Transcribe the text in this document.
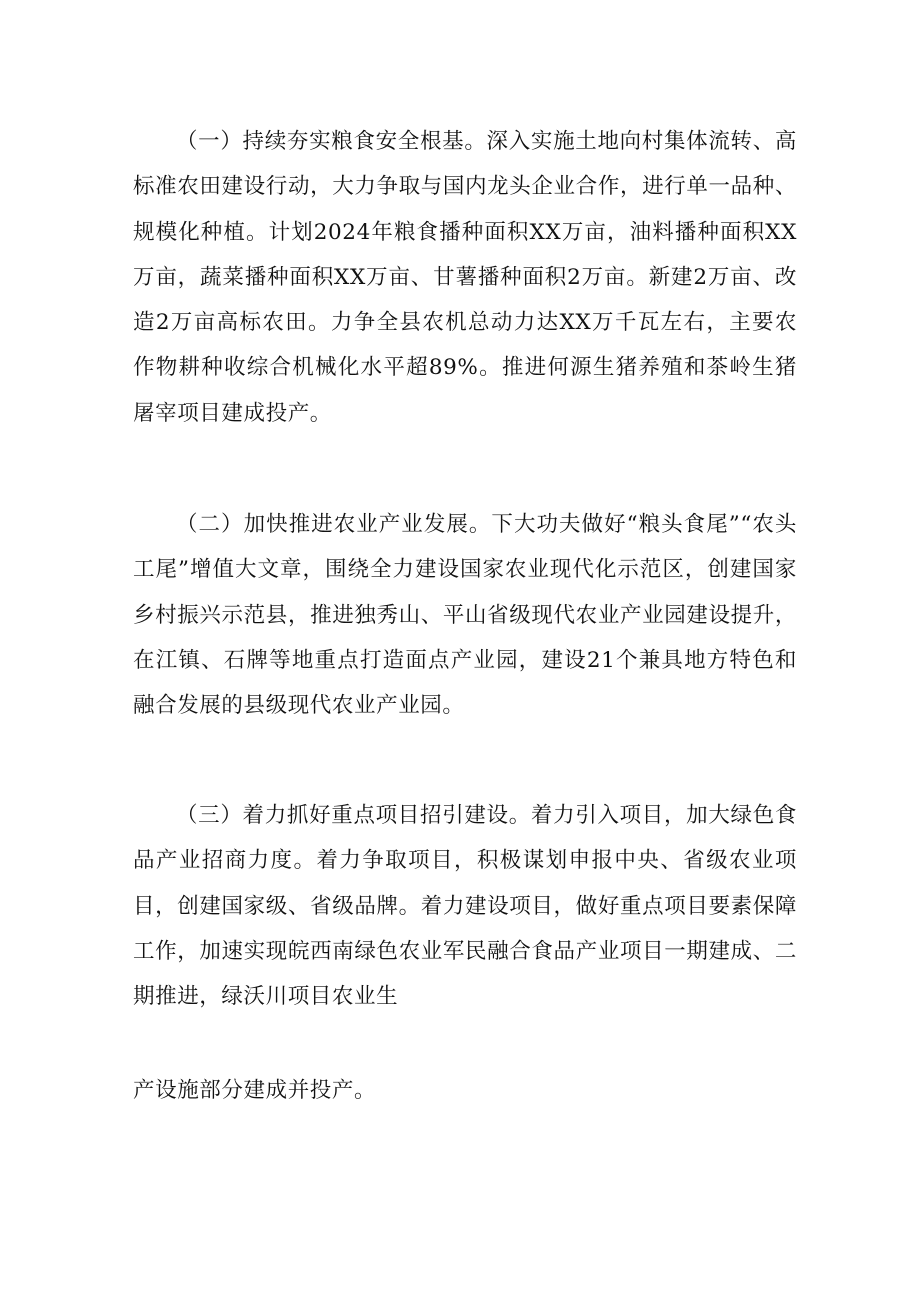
（一）持续夯实粮食安全根基。深入实施土地向村集体流转、高标准农田建设行动，大力争取与国内龙头企业合作，进行单一品种、规模化种植。计划2024年粮食播种面积XX万亩，油料播种面积XX万亩，蔬菜播种面积XX万亩、甘薯播种面积2万亩。新建2万亩、改造2万亩高标农田。力争全县农机总动力达XX万千瓦左右，主要农作物耕种收综合机械化水平超89%。推进何源生猪养殖和茶岭生猪屠宰项目建成投产。

（二）加快推进农业产业发展。下大功夫做好“粮头食尾”“农头工尾”增值大文章，围绕全力建设国家农业现代化示范区，创建国家乡村振兴示范县，推进独秀山、平山省级现代农业产业园建设提升，在江镇、石牌等地重点打造面点产业园，建设21个兼具地方特色和融合发展的县级现代农业产业园。

（三）着力抓好重点项目招引建设。着力引入项目，加大绿色食品产业招商力度。着力争取项目，积极谋划申报中央、省级农业项目，创建国家级、省级品牌。着力建设项目，做好重点项目要素保障工作，加速实现皖西南绿色农业军民融合食品产业项目一期建成、二期推进，绿沃川项目农业生

产设施部分建成并投产。
